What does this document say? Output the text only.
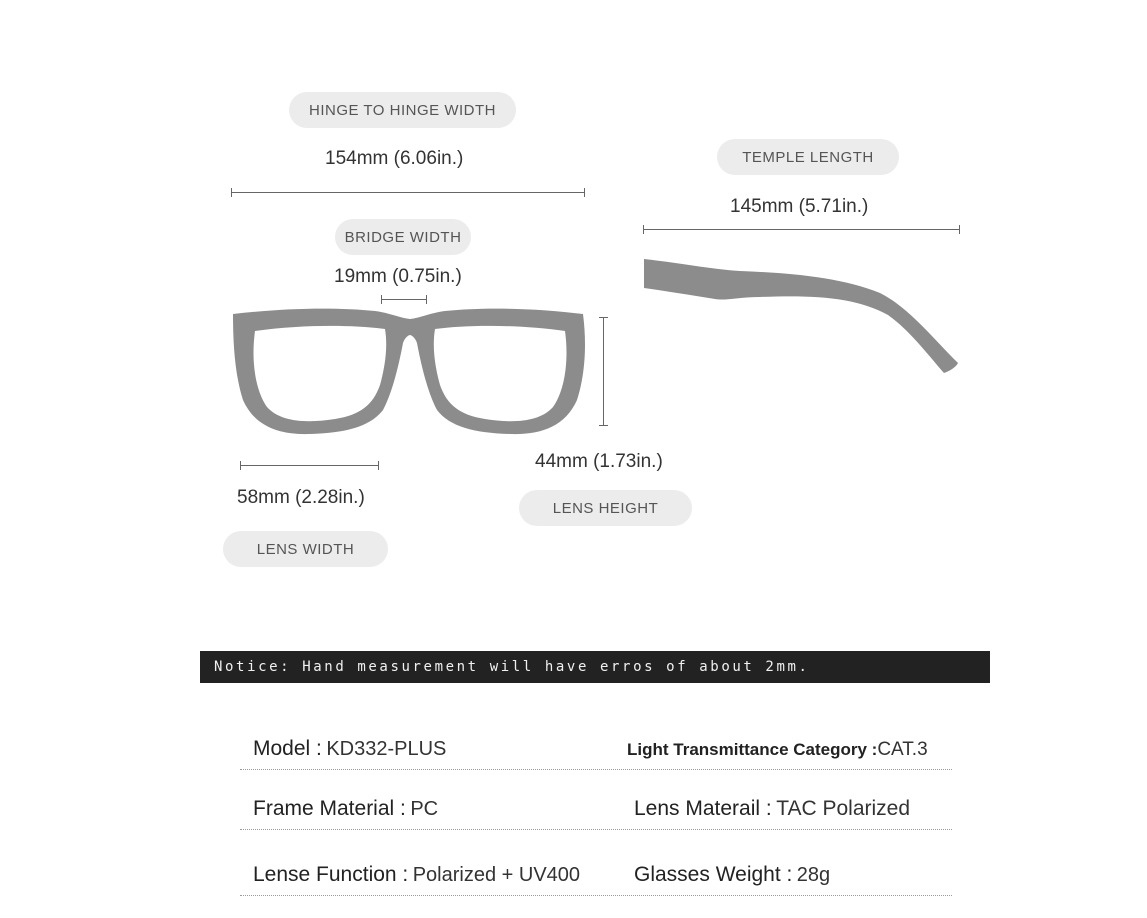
HINGE TO HINGE WIDTH
154mm (6.06in.)	TEMPLE LENGTH
145mm (5.71in.)
BRIDGE WIDTH
19mm (0.75in.)
44mm (1.73in.)
LENS HEIGHT
58mm (2.28in.)
LENS WIDTH
Notice: Hand measurement will have erros of about 2mm.
Model : KD332-PLUS	Light Transmittance Category :CAT.3
Frame Material : PC	Lens Materail : TAC Polarized
Lense Function : Polarized + UV400	Glasses Weight : 28g
